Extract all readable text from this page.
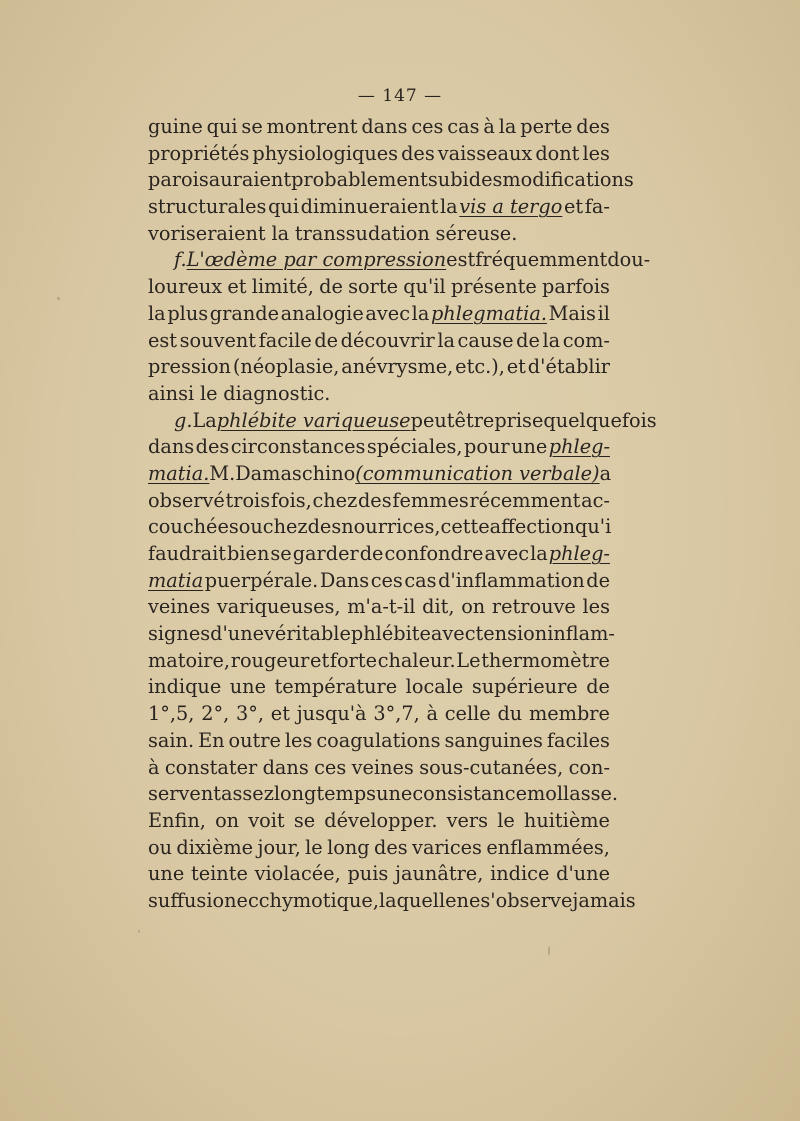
— 147 —
guine qui se montrent dans ces cas à la perte des
propriétés physiologiques des vaisseaux dont les
parois auraient probablement subi des modifications
structurales qui diminueraient la vis a tergo et fa-
voriseraient la transsudation séreuse.
f. L'œdème par compression est fréquemment dou-
loureux et limité, de sorte qu'il présente parfois
la plus grande analogie avec la phlegmatia. Mais il
est souvent facile de découvrir la cause de la com-
pression (néoplasie, anévrysme, etc.), et d'établir
ainsi le diagnostic.
g. La phlébite variqueuse peut être prise quelquefois
dans des circonstances spéciales, pour une phleg-
matia. M. Damaschino (communication verbale) a
observé trois fois, chez des femmes récemment ac-
couchées ou chez des nourrices, cette affection qu'i
faudrait bien se garder de confondre avec la phleg-
matia puerpérale. Dans ces cas d'inflammation de
veines variqueuses, m'a-t-il dit, on retrouve les
signes d'une véritable phlébite avec tension inflam-
matoire, rougeur et forte chaleur. Le thermomètre
indique une température locale supérieure de
1°,5, 2°, 3°, et jusqu'à 3°,7, à celle du membre
sain. En outre les coagulations sanguines faciles
à constater dans ces veines sous-cutanées, con-
servent assez longtemps une consistance mollasse.
Enfin, on voit se développer. vers le huitième
ou dixième jour, le long des varices enflammées,
une teinte violacée, puis jaunâtre, indice d'une
suffusion ecchymotique, laquelle ne s'observe jamais
